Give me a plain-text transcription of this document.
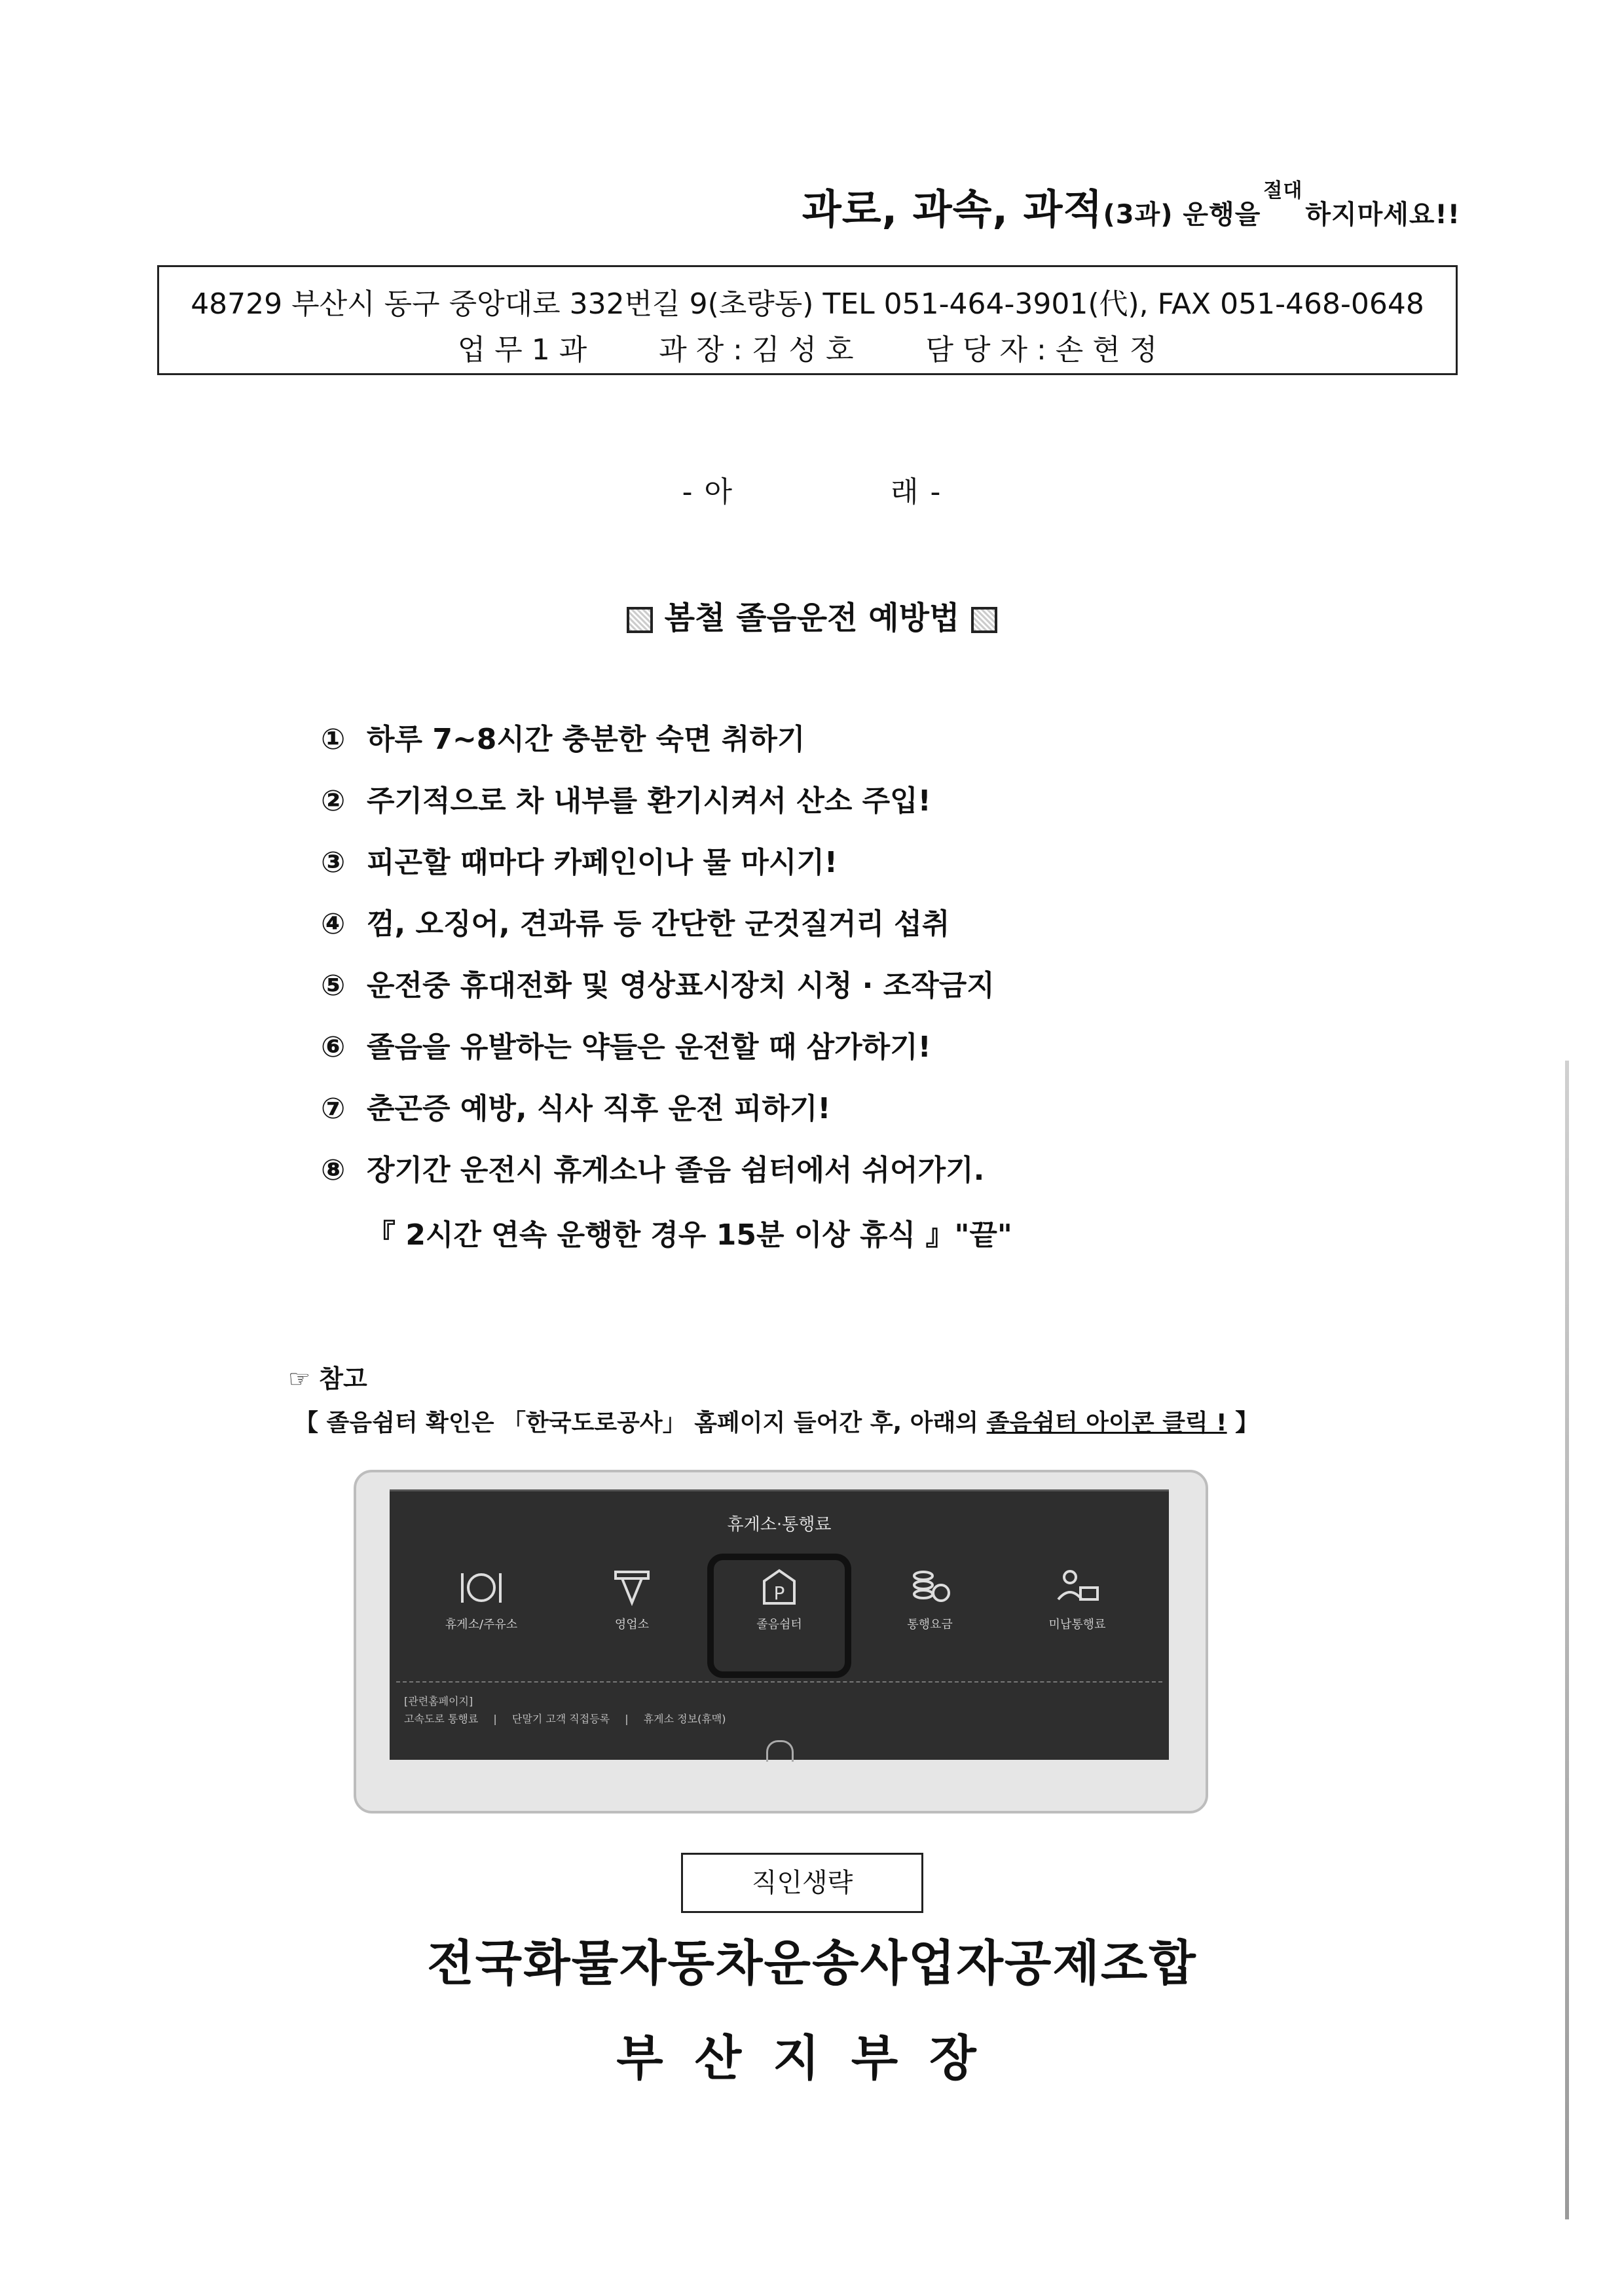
과로, 과속, 과적(3과) 운행을$^{절대}$하지마세요!!
48729 부산시 동구 중앙대로 332번길 9(초량동) TEL 051-464-3901(代), FAX 051-468-0648
업 무 1 과	과 장 : 김 성 호	담 당 자 : 손 현 정
- 아	래 -
봄철 졸음운전 예방법
① 하루 7~8시간 충분한 숙면 취하기
② 주기적으로 차 내부를 환기시켜서 산소 주입!
③ 피곤할 때마다 카페인이나 물 마시기!
④ 껌, 오징어, 견과류 등 간단한 군것질거리 섭취
⑤ 운전중 휴대전화 및 영상표시장치 시청 · 조작금지
⑥ 졸음을 유발하는 약들은 운전할 때 삼가하기!
⑦ 춘곤증 예방, 식사 직후 운전 피하기!
⑧ 장기간 운전시 휴게소나 졸음 쉼터에서 쉬어가기.
『 2시간 연속 운행한 경우 15분 이상 휴식 』"끝"
☞ 참고
【 졸음쉼터 확인은 「한국도로공사」 홈페이지 들어간 후, 아래의 졸음쉼터 아이콘 클릭 ! 】
휴게소·통행료
휴게소/주유소	영업소
P
졸음쉼터	통행요금	미납통행료
[관련홈페이지]
고속도로 통행료 | 단말기 고객 직접등록 | 휴게소 정보(휴맥)
직인생략
전국화물자동차운송사업자공제조합
부산지부장
